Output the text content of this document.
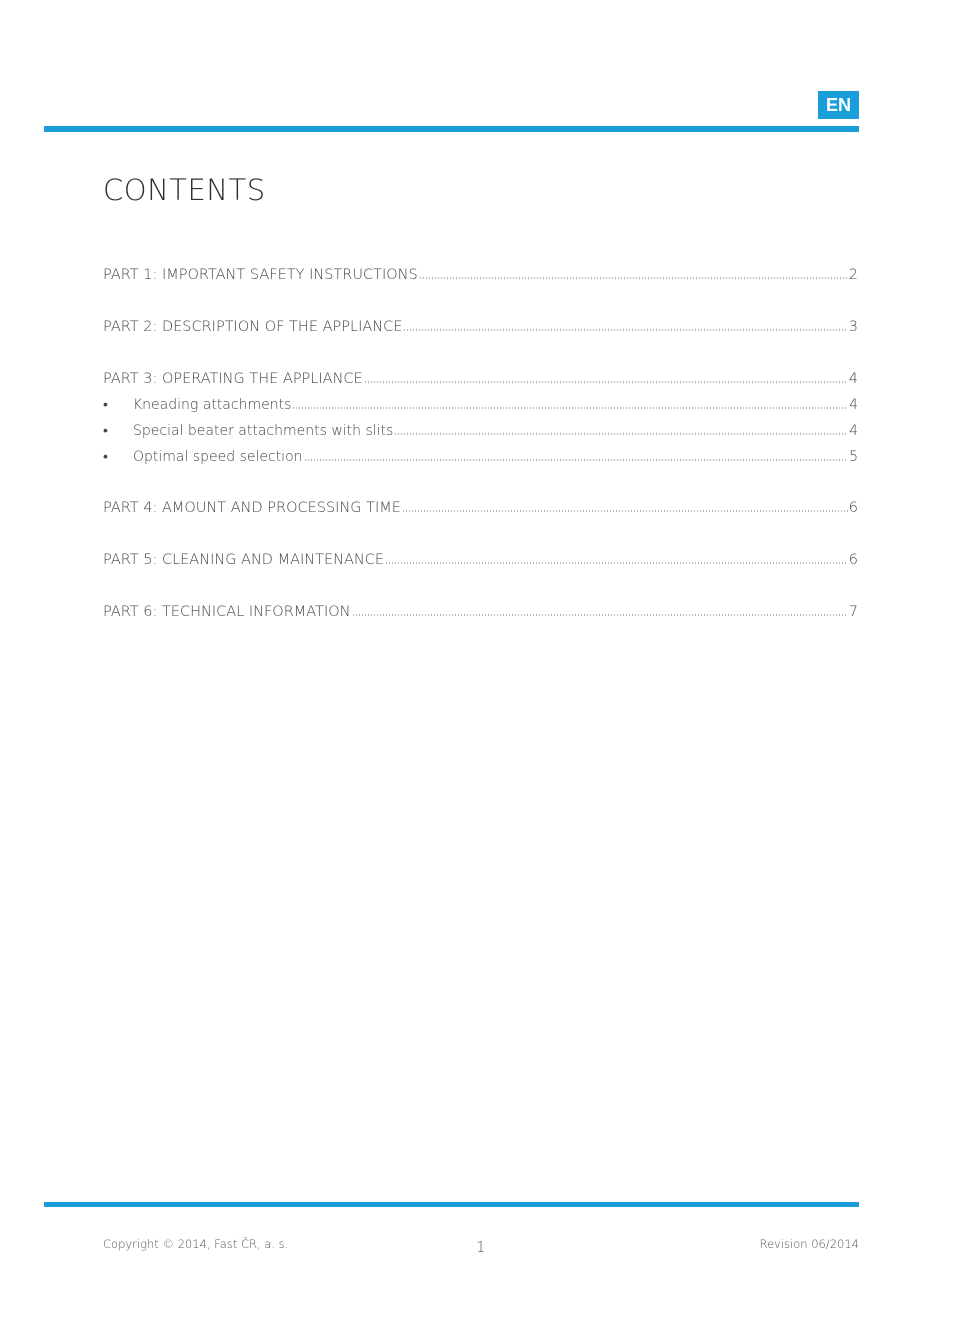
EN
CONTENTS
PART 1: IMPORTANT SAFETY INSTRUCTIONS	2
PART 2: DESCRIPTION OF THE APPLIANCE	3
PART 3: OPERATING THE APPLIANCE	4
•	Kneading attachments	4
•	Special beater attachments with slits	4
•	Optimal speed selection	5
PART 4: AMOUNT AND PROCESSING TIME	6
PART 5: CLEANING AND MAINTENANCE	6
PART 6: TECHNICAL INFORMATION	7
Copyright © 2014, Fast ČR, a. s.	1	Revision 06/2014
